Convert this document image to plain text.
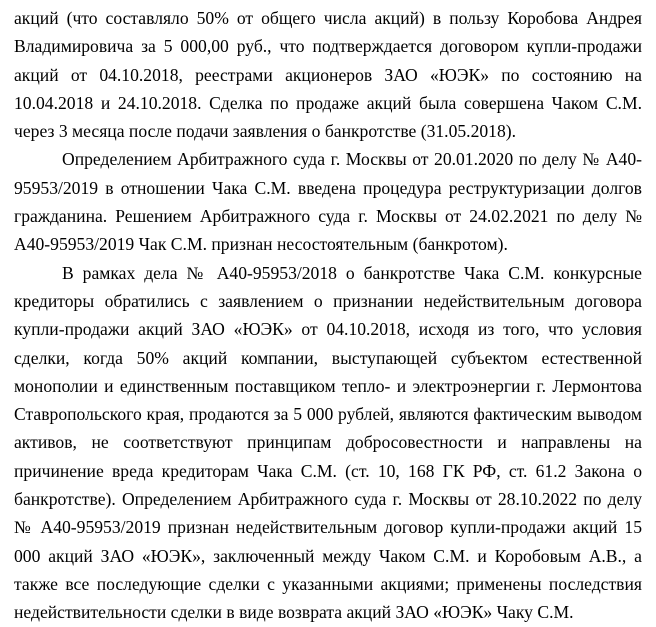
акций (что составляло 50% от общего числа акций) в пользу Коробова Андрея Владимировича за 5 000,00 руб., что подтверждается договором купли-продажи акций от 04.10.2018, реестрами акционеров ЗАО «ЮЭК» по состоянию на 10.04.2018 и 24.10.2018. Сделка по продаже акций была совершена Чаком С.М. через 3 месяца после подачи заявления о банкротстве (31.05.2018).

Определением Арбитражного суда г. Москвы от 20.01.2020 по делу № А40-95953/2019 в отношении Чака С.М. введена процедура реструктуризации долгов гражданина. Решением Арбитражного суда г. Москвы от 24.02.2021 по делу № А40-95953/2019 Чак С.М. признан несостоятельным (банкротом).

В рамках дела № А40-95953/2018 о банкротстве Чака С.М. конкурсные кредиторы обратились с заявлением о признании недействительным договора купли-продажи акций ЗАО «ЮЭК» от 04.10.2018, исходя из того, что условия сделки, когда 50% акций компании, выступающей субъектом естественной монополии и единственным поставщиком тепло- и электроэнергии г. Лермонтова Ставропольского края, продаются за 5 000 рублей, являются фактическим выводом активов, не соответствуют принципам добросовестности и направлены на причинение вреда кредиторам Чака С.М. (ст. 10, 168 ГК РФ, ст. 61.2 Закона о банкротстве). Определением Арбитражного суда г. Москвы от 28.10.2022 по делу № А40-95953/2019 признан недействительным договор купли-продажи акций 15 000 акций ЗАО «ЮЭК», заключенный между Чаком С.М. и Коробовым А.В., а также все последующие сделки с указанными акциями; применены последствия недействительности сделки в виде возврата акций ЗАО «ЮЭК» Чаку С.М.
